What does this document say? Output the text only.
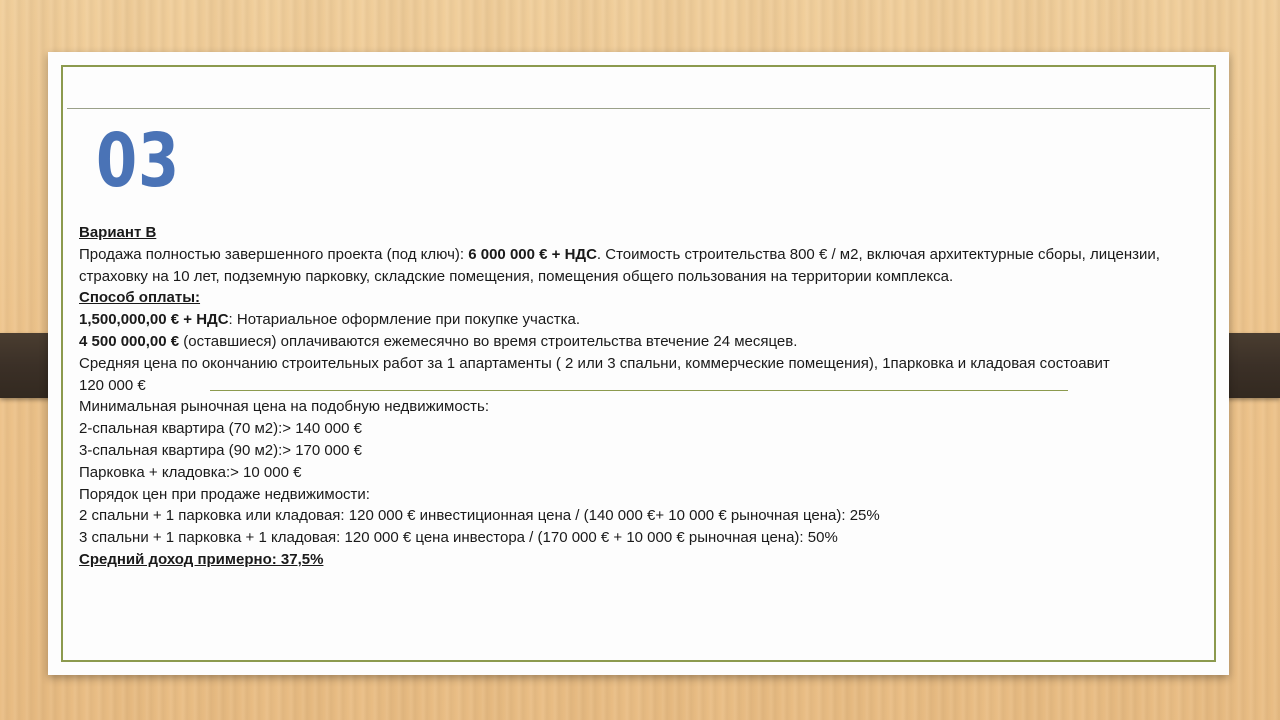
03

Вариант В

Продажа полностью завершенного проекта (под ключ): 6 000 000 € + НДС. Стоимость строительства 800 € / м2, включая архитектурные сборы, лицензии, страховку на 10 лет, подземную парковку, складские помещения, помещения общего пользования на территории комплекса.

Способ оплаты:

1,500,000,00 € + НДС: Нотариальное оформление при покупке участка.

4 500 000,00 € (оставшиеся) оплачиваются ежемесячно во время строительства втечение 24 месяцев.

Средняя цена по окончанию строительных работ за 1 апартаменты ( 2 или 3 спальни, коммерческие помещения), 1парковка и кладовая состоавит

120 000 €

Минимальная рыночная цена на подобную недвижимость:

2-спальная квартира (70 м2):> 140 000 €

3-спальная квартира (90 м2):> 170 000 €

Парковка + кладовка:> 10 000 €

Порядок цен при продаже недвижимости:

2 спальни + 1 парковка или кладовая: 120 000 € инвестиционная цена / (140 000 €+ 10 000 € рыночная цена): 25%

3 спальни + 1 парковка + 1 кладовая: 120 000 € цена инвестора / (170 000 € + 10 000 € рыночная цена): 50%

Средний доход примерно: 37,5%
